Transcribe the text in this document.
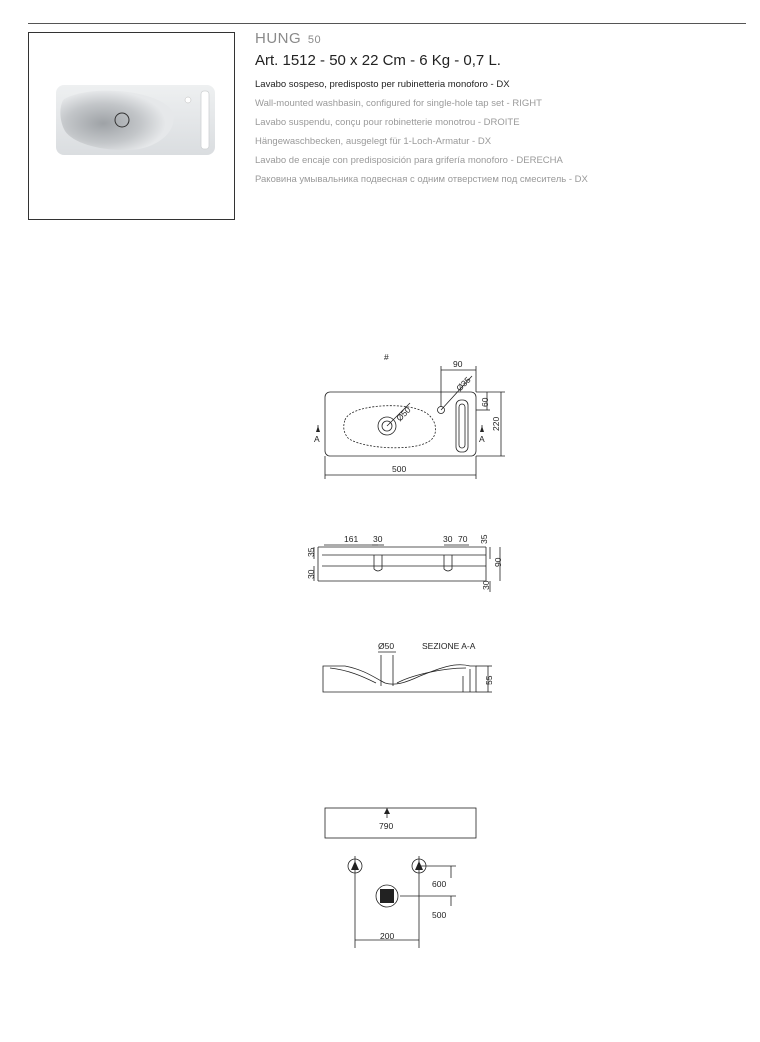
HUNG 50
Art. 1512 - 50 x 22 Cm - 6 Kg - 0,7 L.
Lavabo sospeso, predisposto per rubinetteria monoforo - DX
Wall-mounted washbasin, configured for single-hole tap set - RIGHT
Lavabo suspendu, conçu pour robinetterie monotrou - DROITE
Hängewaschbecken, ausgelegt für 1-Loch-Armatur - DX
Lavabo de encaje con predisposición para grifería monoforo - DERECHA
Раковина умывальника подвесная с одним отверстием под смеситель - DX
#
90
Ø35
Ø50
60
220
500
A	A
161 30	30 70
35
30
35
90
30
Ø50	SEZIONE A-A
55
790
600
500
200
